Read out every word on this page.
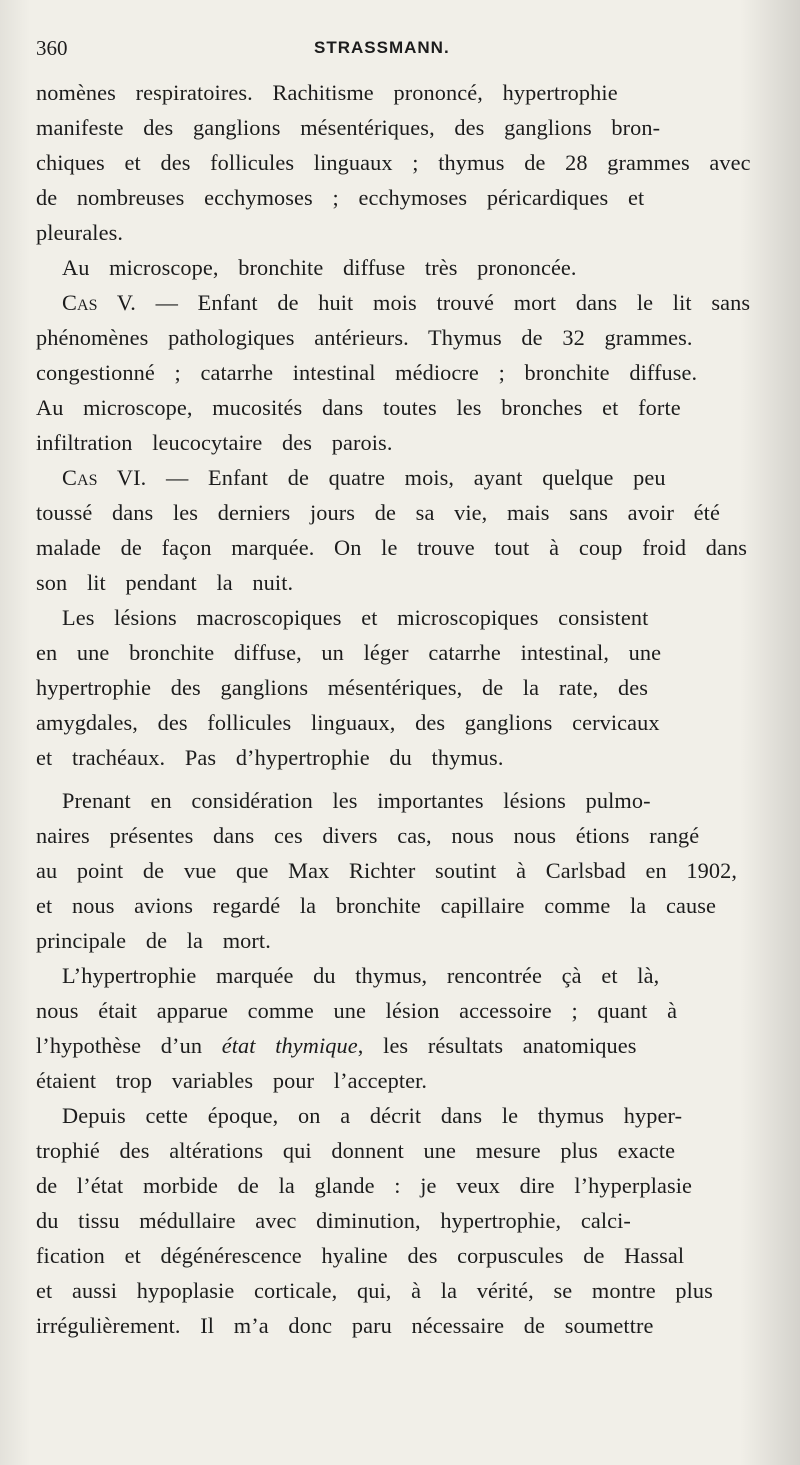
360	STRASSMANN.
nomènes respiratoires. Rachitisme prononcé, hypertrophie
manifeste des ganglions mésentériques, des ganglions bron-
chiques et des follicules linguaux ; thymus de 28 grammes avec
de nombreuses ecchymoses ; ecchymoses péricardiques et
pleurales.
Au microscope, bronchite diffuse très prononcée.
Cas V. — Enfant de huit mois trouvé mort dans le lit sans
phénomènes pathologiques antérieurs. Thymus de 32 grammes.
congestionné ; catarrhe intestinal médiocre ; bronchite diffuse.
Au microscope, mucosités dans toutes les bronches et forte
infiltration leucocytaire des parois.
Cas VI. — Enfant de quatre mois, ayant quelque peu
toussé dans les derniers jours de sa vie, mais sans avoir été
malade de façon marquée. On le trouve tout à coup froid dans
son lit pendant la nuit.
Les lésions macroscopiques et microscopiques consistent
en une bronchite diffuse, un léger catarrhe intestinal, une
hypertrophie des ganglions mésentériques, de la rate, des
amygdales, des follicules linguaux, des ganglions cervicaux
et trachéaux. Pas d’hypertrophie du thymus.
Prenant en considération les importantes lésions pulmo-
naires présentes dans ces divers cas, nous nous étions rangé
au point de vue que Max Richter soutint à Carlsbad en 1902,
et nous avions regardé la bronchite capillaire comme la cause
principale de la mort.
L’hypertrophie marquée du thymus, rencontrée çà et là,
nous était apparue comme une lésion accessoire ; quant à
l’hypothèse d’un état thymique, les résultats anatomiques
étaient trop variables pour l’accepter.
Depuis cette époque, on a décrit dans le thymus hyper-
trophié des altérations qui donnent une mesure plus exacte
de l’état morbide de la glande : je veux dire l’hyperplasie
du tissu médullaire avec diminution, hypertrophie, calci-
fication et dégénérescence hyaline des corpuscules de Hassal
et aussi hypoplasie corticale, qui, à la vérité, se montre plus
irrégulièrement. Il m’a donc paru nécessaire de soumettre
